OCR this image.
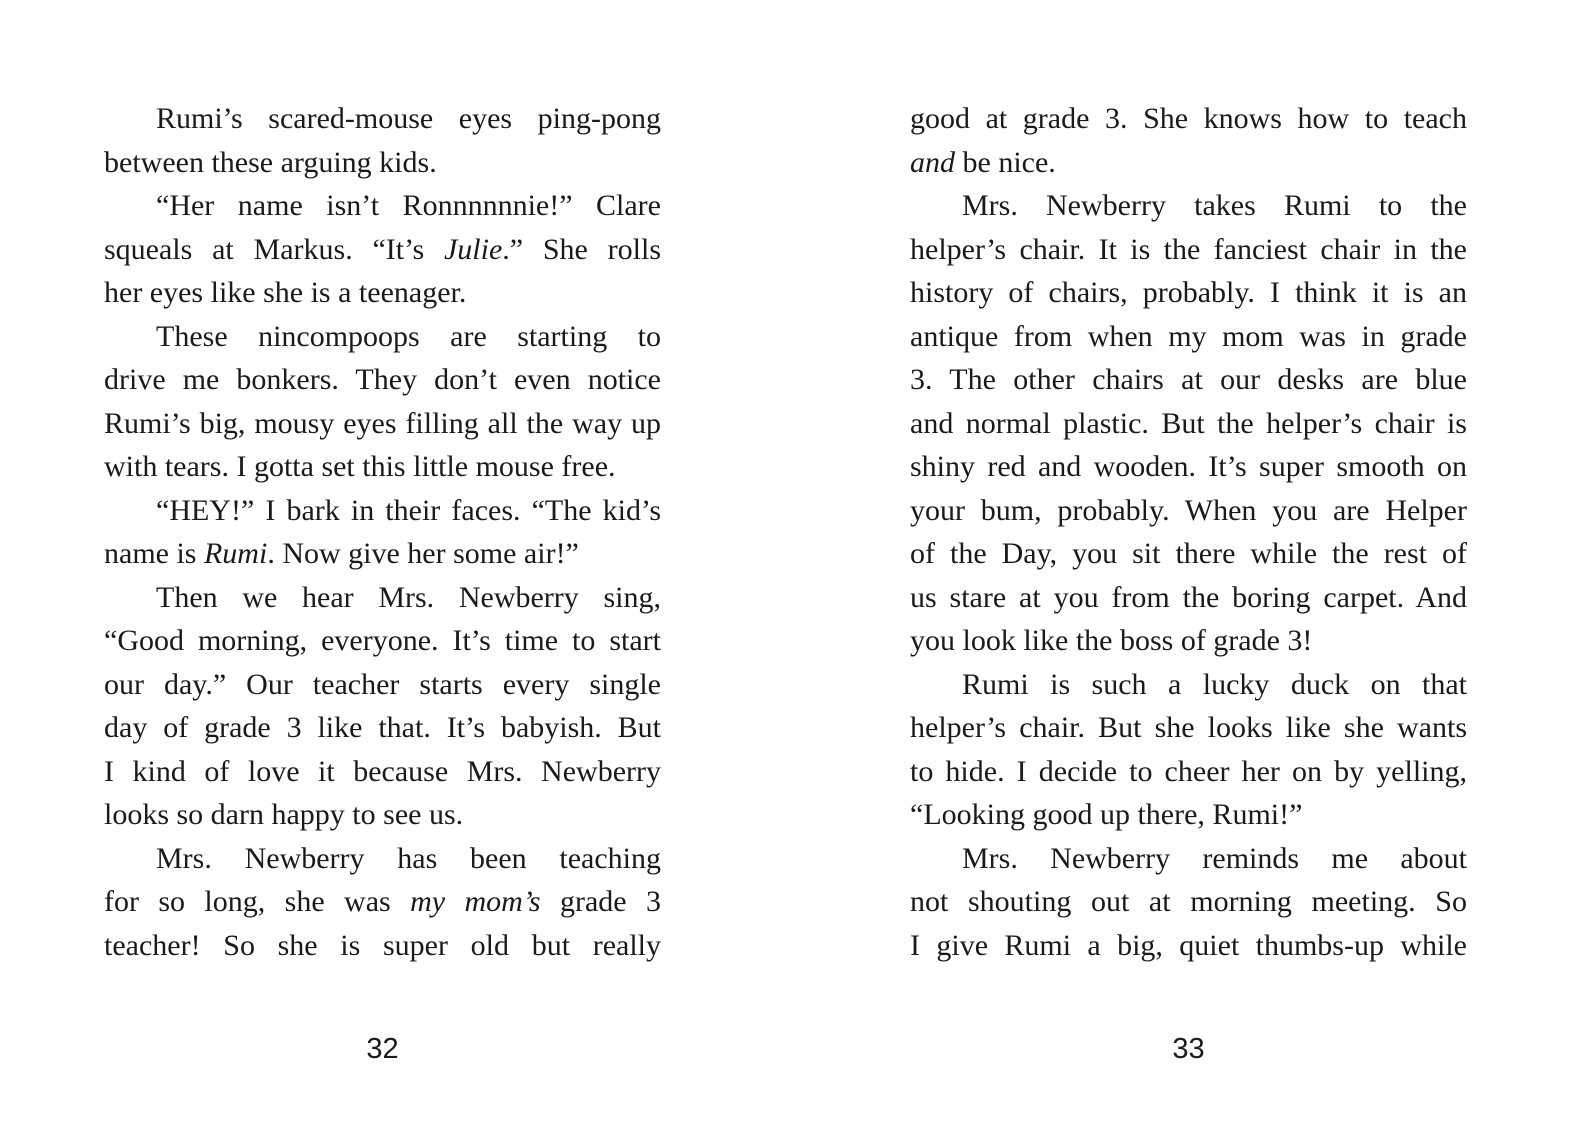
Rumi’s scared-mouse eyes ping-pong
between these arguing kids.
“Her name isn’t Ronnnnnnie!” Clare
squeals at Markus. “It’s Julie.” She rolls
her eyes like she is a teenager.
These nincompoops are starting to
drive me bonkers. They don’t even notice
Rumi’s big, mousy eyes filling all the way up
with tears. I gotta set this little mouse free.
“HEY!” I bark in their faces. “The kid’s
name is Rumi. Now give her some air!”
Then we hear Mrs. Newberry sing,
“Good morning, everyone. It’s time to start
our day.” Our teacher starts every single
day of grade 3 like that. It’s babyish. But
I kind of love it because Mrs. Newberry
looks so darn happy to see us.
Mrs. Newberry has been teaching
for so long, she was my mom’s grade 3
teacher! So she is super old but really
32
good at grade 3. She knows how to teach
and be nice.
Mrs. Newberry takes Rumi to the
helper’s chair. It is the fanciest chair in the
history of chairs, probably. I think it is an
antique from when my mom was in grade
3. The other chairs at our desks are blue
and normal plastic. But the helper’s chair is
shiny red and wooden. It’s super smooth on
your bum, probably. When you are Helper
of the Day, you sit there while the rest of
us stare at you from the boring carpet. And
you look like the boss of grade 3!
Rumi is such a lucky duck on that
helper’s chair. But she looks like she wants
to hide. I decide to cheer her on by yelling,
“Looking good up there, Rumi!”
Mrs. Newberry reminds me about
not shouting out at morning meeting. So
I give Rumi a big, quiet thumbs-up while
33
